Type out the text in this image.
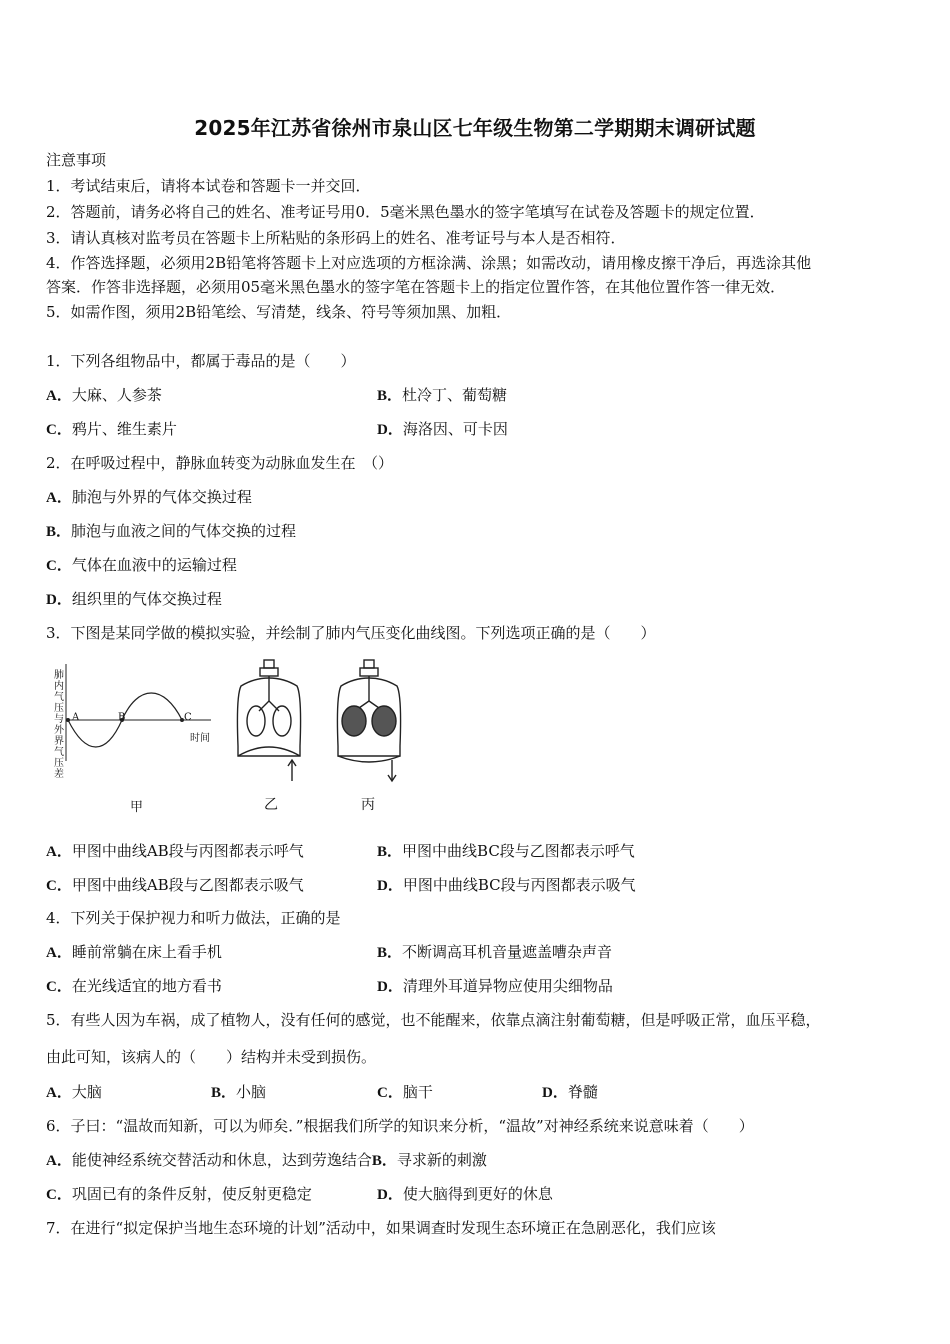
2025年江苏省徐州市泉山区七年级生物第二学期期末调研试题
注意事项
1．考试结束后，请将本试卷和答题卡一并交回．
2．答题前，请务必将自己的姓名、准考证号用0．5毫米黑色墨水的签字笔填写在试卷及答题卡的规定位置．
3．请认真核对监考员在答题卡上所粘贴的条形码上的姓名、准考证号与本人是否相符．
4．作答选择题，必须用2B铅笔将答题卡上对应选项的方框涂满、涂黑；如需改动，请用橡皮擦干净后，再选涂其他
答案．作答非选择题，必须用05毫米黑色墨水的签字笔在答题卡上的指定位置作答，在其他位置作答一律无效．
5．如需作图，须用2B铅笔绘、写清楚，线条、符号等须加黑、加粗．
1．下列各组物品中，都属于毒品的是（　　）
A．大麻、人参茶	B．杜冷丁、葡萄糖
C．鸦片、维生素片	D．海洛因、可卡因
2．在呼吸过程中，静脉血转变为动脉血发生在　（）
A．肺泡与外界的气体交换过程
B．肺泡与血液之间的气体交换的过程
C．气体在血液中的运输过程
D．组织里的气体交换过程
3．下图是某同学做的模拟实验，并绘制了肺内气压变化曲线图。下列选项正确的是（　　）
肺内气压与外界气压差
时间
A	B	C
甲	乙	丙
A．甲图中曲线AB段与丙图都表示呼气	B．甲图中曲线BC段与乙图都表示呼气
C．甲图中曲线AB段与乙图都表示吸气	D．甲图中曲线BC段与丙图都表示吸气
4．下列关于保护视力和听力做法，正确的是
A．睡前常躺在床上看手机	B．不断调高耳机音量遮盖嘈杂声音
C．在光线适宜的地方看书	D．清理外耳道异物应使用尖细物品
5．有些人因为车祸，成了植物人，没有任何的感觉，也不能醒来，依靠点滴注射葡萄糖，但是呼吸正常，血压平稳，
由此可知，该病人的（　　）结构并未受到损伤。
A．大脑	B．小脑	C．脑干	D．脊髓
6．子曰：“温故而知新，可以为师矣．”根据我们所学的知识来分析，“温故”对神经系统来说意味着（　　）
A．能使神经系统交替活动和休息，达到劳逸结合B．寻求新的刺激
C．巩固已有的条件反射，使反射更稳定	D．使大脑得到更好的休息
7．在进行“拟定保护当地生态环境的计划”活动中，如果调查时发现生态环境正在急剧恶化，我们应该
